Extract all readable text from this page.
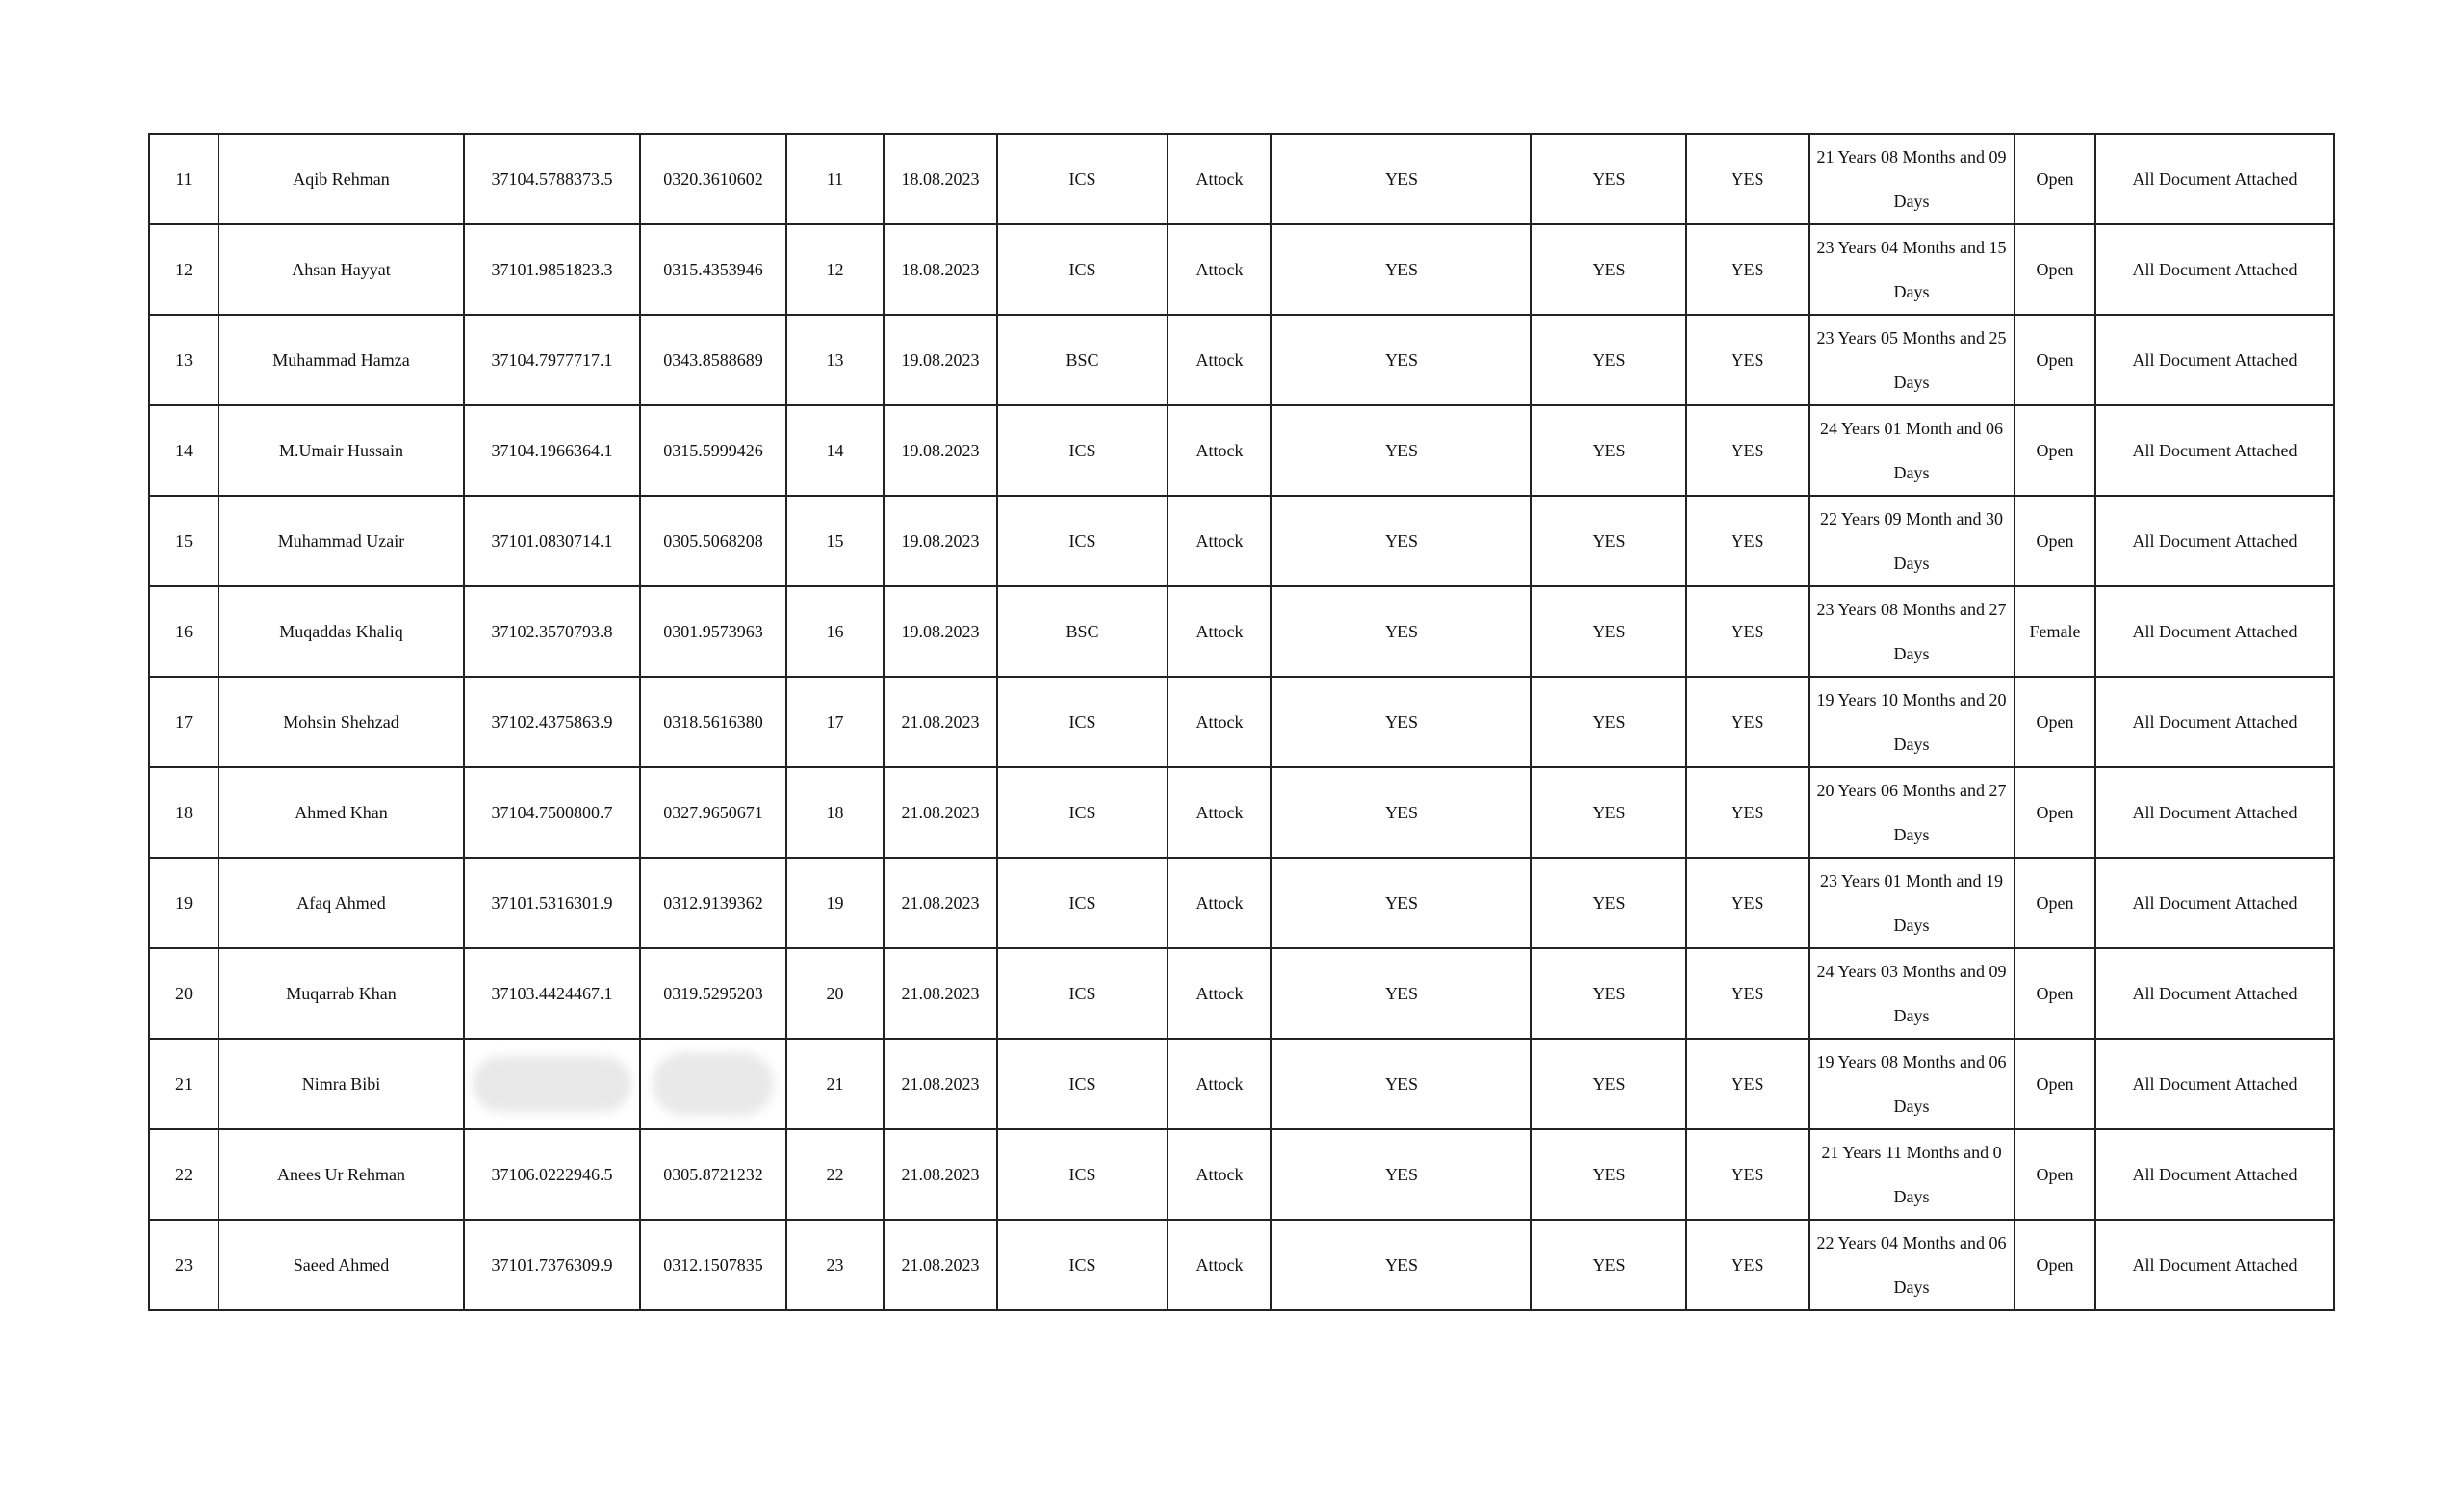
11	Aqib Rehman	37104.5788373.5	0320.3610602	11	18.08.2023	ICS	Attock	YES	YES	YES	21 Years 08 Months and 09 Days	Open	All Document Attached
12	Ahsan Hayyat	37101.9851823.3	0315.4353946	12	18.08.2023	ICS	Attock	YES	YES	YES	23 Years 04 Months and 15 Days	Open	All Document Attached
13	Muhammad Hamza	37104.7977717.1	0343.8588689	13	19.08.2023	BSC	Attock	YES	YES	YES	23 Years 05 Months and 25 Days	Open	All Document Attached
14	M.Umair Hussain	37104.1966364.1	0315.5999426	14	19.08.2023	ICS	Attock	YES	YES	YES	24 Years 01 Month and 06 Days	Open	All Document Attached
15	Muhammad Uzair	37101.0830714.1	0305.5068208	15	19.08.2023	ICS	Attock	YES	YES	YES	22 Years 09 Month and 30 Days	Open	All Document Attached
16	Muqaddas Khaliq	37102.3570793.8	0301.9573963	16	19.08.2023	BSC	Attock	YES	YES	YES	23 Years 08 Months and 27 Days	Female	All Document Attached
17	Mohsin Shehzad	37102.4375863.9	0318.5616380	17	21.08.2023	ICS	Attock	YES	YES	YES	19 Years 10 Months and 20 Days	Open	All Document Attached
18	Ahmed Khan	37104.7500800.7	0327.9650671	18	21.08.2023	ICS	Attock	YES	YES	YES	20 Years 06 Months and 27 Days	Open	All Document Attached
19	Afaq Ahmed	37101.5316301.9	0312.9139362	19	21.08.2023	ICS	Attock	YES	YES	YES	23 Years 01 Month and 19 Days	Open	All Document Attached
20	Muqarrab Khan	37103.4424467.1	0319.5295203	20	21.08.2023	ICS	Attock	YES	YES	YES	24 Years 03 Months and 09 Days	Open	All Document Attached
21	Nimra Bibi			21	21.08.2023	ICS	Attock	YES	YES	YES	19 Years 08 Months and 06 Days	Open	All Document Attached
22	Anees Ur Rehman	37106.0222946.5	0305.8721232	22	21.08.2023	ICS	Attock	YES	YES	YES	21 Years 11 Months and 0 Days	Open	All Document Attached
23	Saeed Ahmed	37101.7376309.9	0312.1507835	23	21.08.2023	ICS	Attock	YES	YES	YES	22 Years 04 Months and 06 Days	Open	All Document Attached
